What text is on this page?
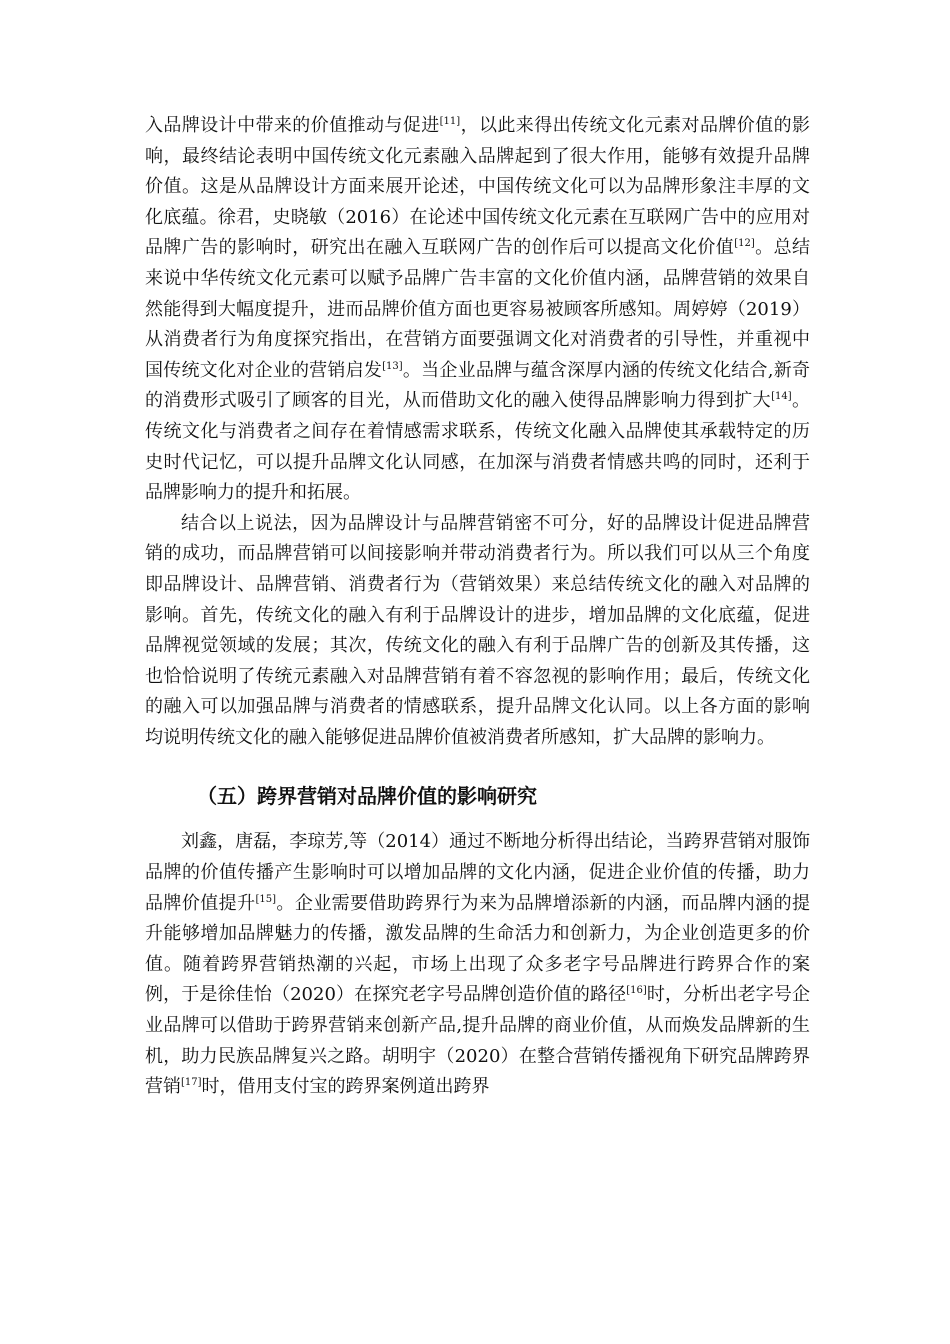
入品牌设计中带来的价值推动与促进[11]，以此来得出传统文化元素对品牌价值的影响，最终结论表明中国传统文化元素融入品牌起到了很大作用，能够有效提升品牌价值。这是从品牌设计方面来展开论述，中国传统文化可以为品牌形象注丰厚的文化底蕴。徐君，史晓敏（2016）在论述中国传统文化元素在互联网广告中的应用对品牌广告的影响时，研究出在融入互联网广告的创作后可以提高文化价值[12]。总结来说中华传统文化元素可以赋予品牌广告丰富的文化价值内涵，品牌营销的效果自然能得到大幅度提升，进而品牌价值方面也更容易被顾客所感知。周婷婷（2019）从消费者行为角度探究指出，在营销方面要强调文化对消费者的引导性，并重视中国传统文化对企业的营销启发[13]。当企业品牌与蕴含深厚内涵的传统文化结合,新奇的消费形式吸引了顾客的目光，从而借助文化的融入使得品牌影响力得到扩大[14]。传统文化与消费者之间存在着情感需求联系，传统文化融入品牌使其承载特定的历史时代记忆，可以提升品牌文化认同感，在加深与消费者情感共鸣的同时，还利于品牌影响力的提升和拓展。

结合以上说法，因为品牌设计与品牌营销密不可分，好的品牌设计促进品牌营销的成功，而品牌营销可以间接影响并带动消费者行为。所以我们可以从三个角度即品牌设计、品牌营销、消费者行为（营销效果）来总结传统文化的融入对品牌的影响。首先，传统文化的融入有利于品牌设计的进步，增加品牌的文化底蕴，促进品牌视觉领域的发展；其次，传统文化的融入有利于品牌广告的创新及其传播，这也恰恰说明了传统元素融入对品牌营销有着不容忽视的影响作用；最后，传统文化的融入可以加强品牌与消费者的情感联系，提升品牌文化认同。以上各方面的影响均说明传统文化的融入能够促进品牌价值被消费者所感知，扩大品牌的影响力。

（五）跨界营销对品牌价值的影响研究

刘鑫，唐磊，李琼芳,等（2014）通过不断地分析得出结论，当跨界营销对服饰品牌的价值传播产生影响时可以增加品牌的文化内涵，促进企业价值的传播，助力品牌价值提升[15]。企业需要借助跨界行为来为品牌增添新的内涵，而品牌内涵的提升能够增加品牌魅力的传播，激发品牌的生命活力和创新力，为企业创造更多的价值。随着跨界营销热潮的兴起，市场上出现了众多老字号品牌进行跨界合作的案例，于是徐佳怡（2020）在探究老字号品牌创造价值的路径[16]时，分析出老字号企业品牌可以借助于跨界营销来创新产品,提升品牌的商业价值，从而焕发品牌新的生机，助力民族品牌复兴之路。胡明宇（2020）在整合营销传播视角下研究品牌跨界营销[17]时，借用支付宝的跨界案例道出跨界
